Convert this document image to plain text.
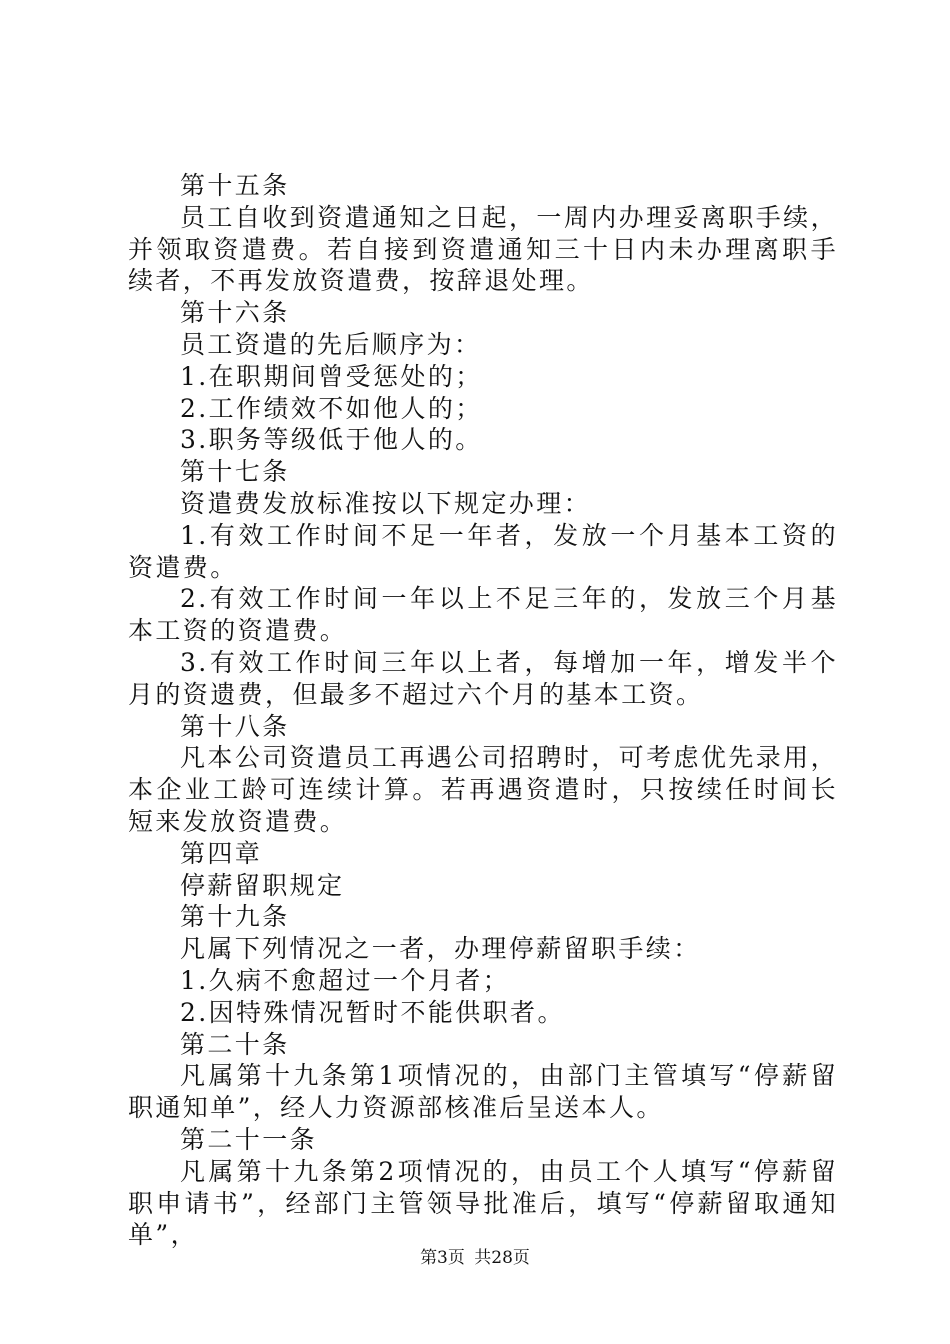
第十五条

员工自收到资遣通知之日起，一周内办理妥离职手续，并领取资遣费。若自接到资遣通知三十日内未办理离职手续者，不再发放资遣费，按辞退处理。

第十六条

员工资遣的先后顺序为：

1.在职期间曾受惩处的；

2.工作绩效不如他人的；

3.职务等级低于他人的。

第十七条

资遣费发放标准按以下规定办理：

1.有效工作时间不足一年者，发放一个月基本工资的资遣费。

2.有效工作时间一年以上不足三年的，发放三个月基本工资的资遣费。

3.有效工作时间三年以上者，每增加一年，增发半个月的资遗费，但最多不超过六个月的基本工资。

第十八条

凡本公司资遣员工再遇公司招聘时，可考虑优先录用，本企业工龄可连续计算。若再遇资遣时，只按续任时间长短来发放资遣费。

第四章

停薪留职规定

第十九条

凡属下列情况之一者，办理停薪留职手续：

1.久病不愈超过一个月者；

2.因特殊情况暂时不能供职者。

第二十条

凡属第十九条第1项情况的，由部门主管填写“停薪留职通知单”，经人力资源部核准后呈送本人。

第二十一条

凡属第十九条第2项情况的，由员工个人填写“停薪留职申请书”，经部门主管领导批准后，填写“停薪留取通知单”，

第3页 共28页
